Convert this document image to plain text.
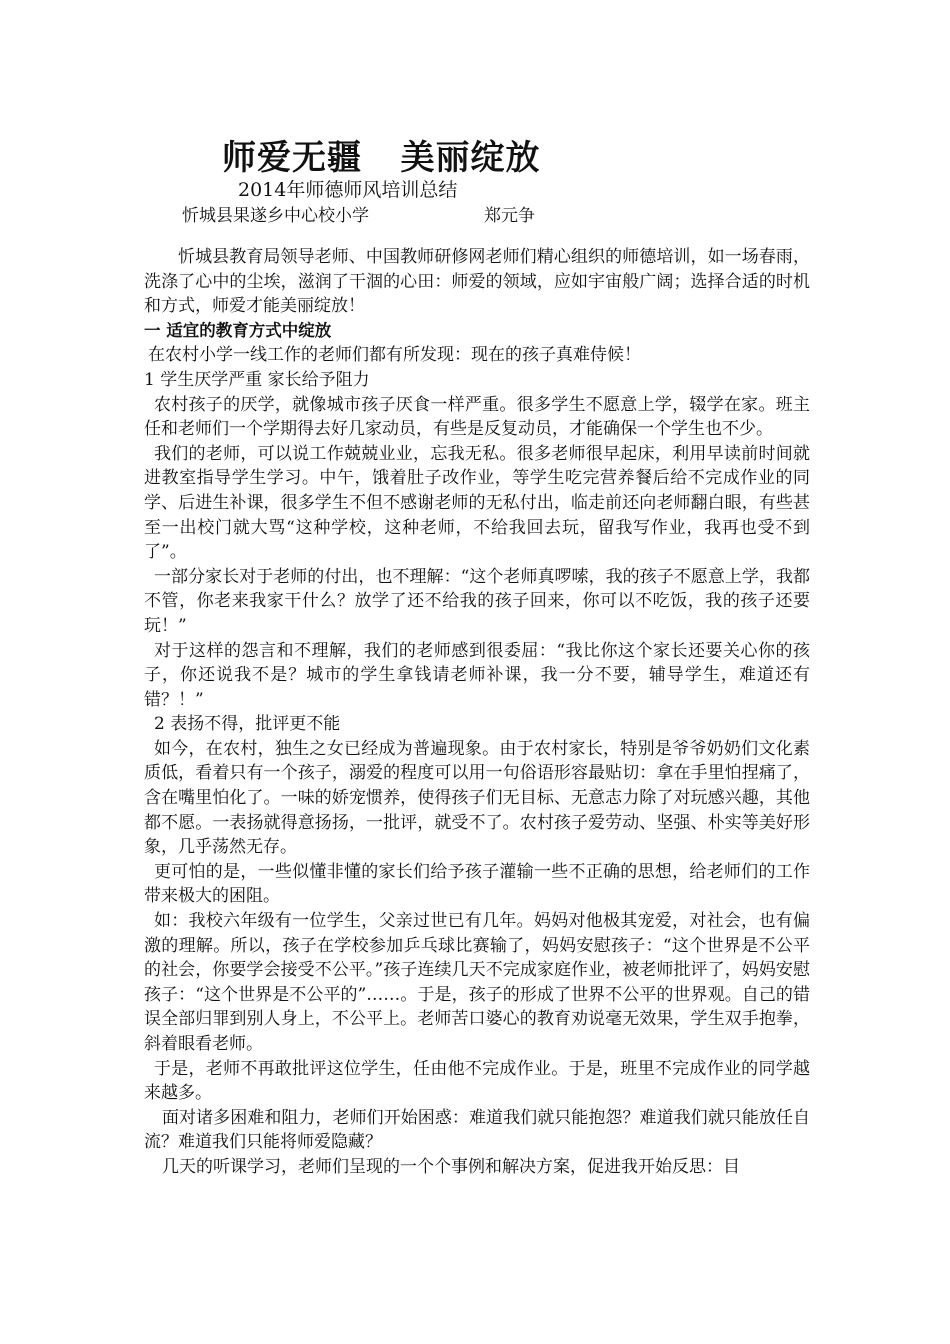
师爱无疆   美丽绽放
2014年师德师风培训总结
忻城县果遂乡中心校小学	郑元争

忻城县教育局领导老师、中国教师研修网老师们精心组织的师德培训，如一场春雨，洗涤了心中的尘埃，滋润了干涸的心田：师爱的领域，应如宇宙般广阔；选择合适的时机和方式，师爱才能美丽绽放！

一 适宜的教育方式中绽放

在农村小学一线工作的老师们都有所发现：现在的孩子真难侍候！

1 学生厌学严重 家长给予阻力

农村孩子的厌学，就像城市孩子厌食一样严重。很多学生不愿意上学，辍学在家。班主任和老师们一个学期得去好几家动员，有些是反复动员，才能确保一个学生也不少。

我们的老师，可以说工作兢兢业业，忘我无私。很多老师很早起床，利用早读前时间就进教室指导学生学习。中午，饿着肚子改作业，等学生吃完营养餐后给不完成作业的同学、后进生补课，很多学生不但不感谢老师的无私付出，临走前还向老师翻白眼，有些甚至一出校门就大骂“这种学校，这种老师，不给我回去玩，留我写作业，我再也受不到了”。

一部分家长对于老师的付出，也不理解：“这个老师真啰嗦，我的孩子不愿意上学，我都不管，你老来我家干什么？放学了还不给我的孩子回来，你可以不吃饭，我的孩子还要玩！”

对于这样的怨言和不理解，我们的老师感到很委屈：“我比你这个家长还要关心你的孩子，你还说我不是？城市的学生拿钱请老师补课，我一分不要，辅导学生，难道还有错？！”

2 表扬不得，批评更不能

如今，在农村，独生之女已经成为普遍现象。由于农村家长，特别是爷爷奶奶们文化素质低，看着只有一个孩子，溺爱的程度可以用一句俗语形容最贴切：拿在手里怕捏痛了，含在嘴里怕化了。一味的娇宠惯养，使得孩子们无目标、无意志力除了对玩感兴趣，其他都不愿。一表扬就得意扬扬，一批评，就受不了。农村孩子爱劳动、坚强、朴实等美好形象，几乎荡然无存。

更可怕的是，一些似懂非懂的家长们给予孩子灌输一些不正确的思想，给老师们的工作带来极大的困阻。

如：我校六年级有一位学生，父亲过世已有几年。妈妈对他极其宠爱，对社会，也有偏激的理解。所以，孩子在学校参加乒乓球比赛输了，妈妈安慰孩子：“这个世界是不公平的社会，你要学会接受不公平。”孩子连续几天不完成家庭作业，被老师批评了，妈妈安慰孩子：“这个世界是不公平的”……。于是，孩子的形成了世界不公平的世界观。自己的错误全部归罪到别人身上，不公平上。老师苦口婆心的教育劝说毫无效果，学生双手抱拳，斜着眼看老师。

于是，老师不再敢批评这位学生，任由他不完成作业。于是，班里不完成作业的同学越来越多。

面对诸多困难和阻力，老师们开始困惑：难道我们就只能抱怨？难道我们就只能放任自流？难道我们只能将师爱隐藏？

几天的听课学习，老师们呈现的一个个事例和解决方案，促进我开始反思：目
